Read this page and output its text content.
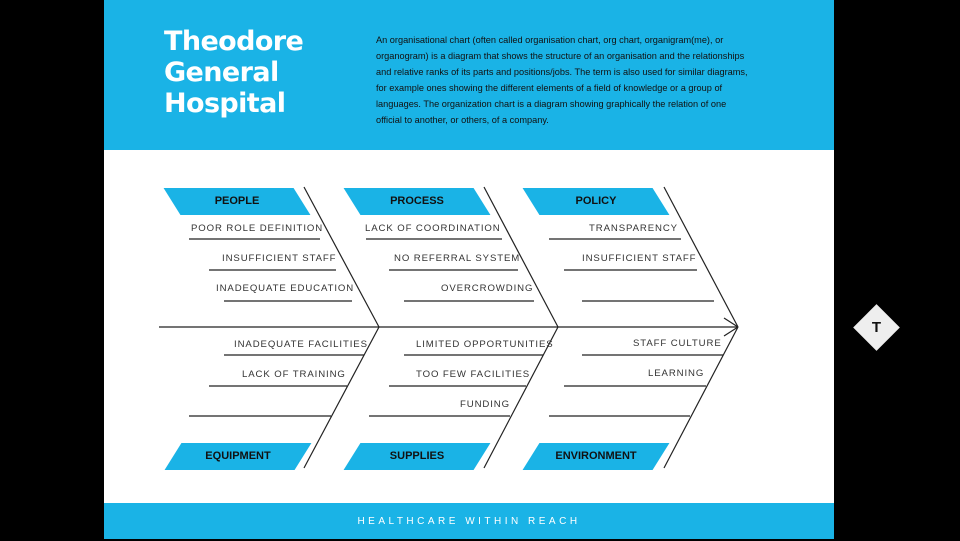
Theodore
General
Hospital

An organisational chart (often called organisation chart, org chart, organigram(me), or organogram) is a diagram that shows the structure of an organisation and the relationships and relative ranks of its parts and positions/jobs. The term is also used for similar diagrams, for example ones showing the different elements of a field of knowledge or a group of languages. The organization chart is a diagram showing graphically the relation of one official to another, or others, of a company.

PEOPLE	PROCESS	POLICY
EQUIPMENT	SUPPLIES	ENVIRONMENT
POOR ROLE DEFINITION
INSUFFICIENT STAFF
INADEQUATE EDUCATION
LACK OF COORDINATION
NO REFERRAL SYSTEM
OVERCROWDING
TRANSPARENCY
INSUFFICIENT STAFF
INADEQUATE FACILITIES
LACK OF TRAINING
LIMITED OPPORTUNITIES
TOO FEW FACILITIES
FUNDING
STAFF CULTURE
LEARNING
T
HEALTHCARE WITHIN REACH
